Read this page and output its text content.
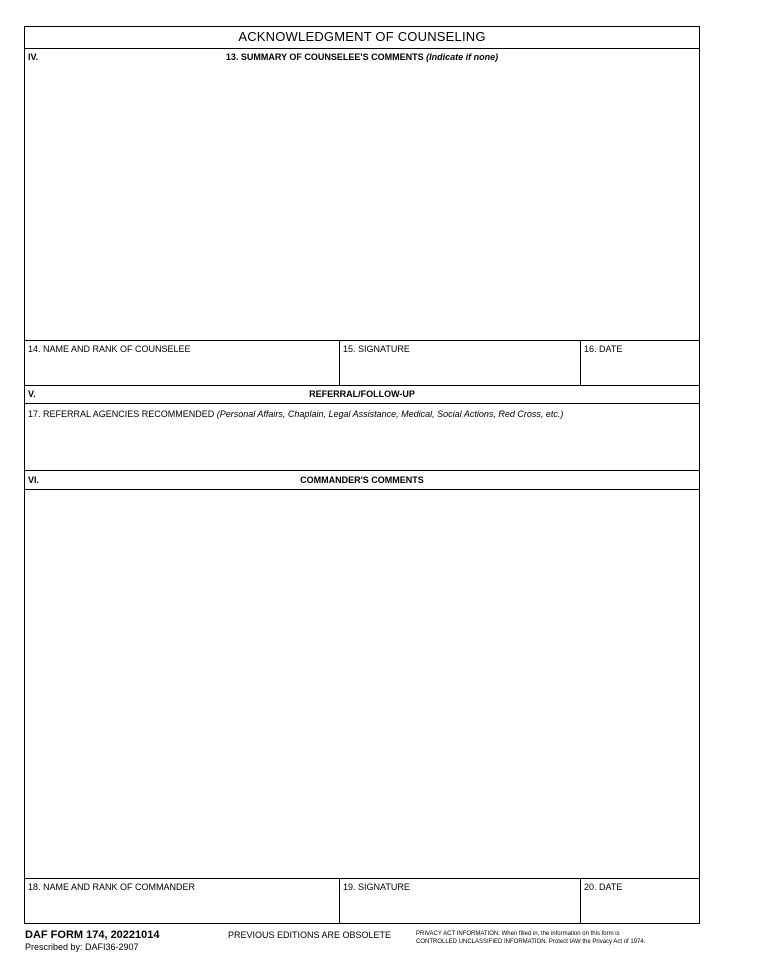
ACKNOWLEDGMENT OF COUNSELING
IV.	13. SUMMARY OF COUNSELEE'S COMMENTS (Indicate if none)
14. NAME AND RANK OF COUNSELEE	15. SIGNATURE	16. DATE
V.	REFERRAL/FOLLOW-UP
17. REFERRAL AGENCIES RECOMMENDED (Personal Affairs, Chaplain, Legal Assistance, Medical, Social Actions, Red Cross, etc.)
VI.	COMMANDER'S COMMENTS
18. NAME AND RANK OF COMMANDER	19. SIGNATURE	20. DATE
DAF FORM 174, 20221014
Prescribed by: DAFI36-2907
PREVIOUS EDITIONS ARE OBSOLETE	PRIVACY ACT INFORMATION: When filled in, the information on this form is
CONTROLLED UNCLASSIFIED INFORMATION. Protect IAW the Privacy Act of 1974.
